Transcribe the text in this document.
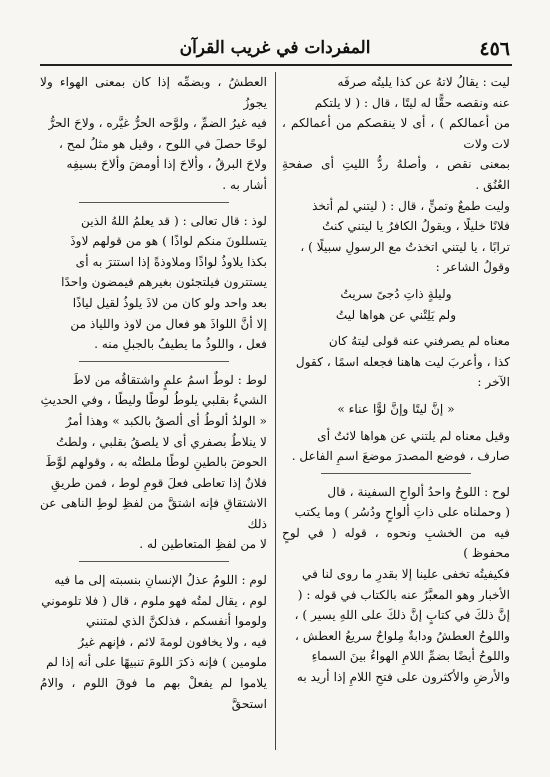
٤٥٦
المفردات في غريب القرآن

ليت : يقالُ لاتهُ عن كذا يليتُه صرفَه

عنه ونقصه حقًّا له ليتًا ، قال : ( لا يلتكم

من أعمالكم ) ، أى لا ينقصكم من أعمالكم ، لات ولات

بمعنى نقص ، وأصلهُ ردُّ الليتِ أى صفحةِ العُنُق .

وليت طمعٌ وتمنٍّ ، قال : ( ليتني لم أتخذ

فلانًا خليلًا ، ويقولُ الكافرُ يا ليتني كنتُ

ترابًا ، يا ليتني اتخذتُ مع الرسولِ سبيلًا ) ،

وقولُ الشاعر :

وليلةٍ ذاتِ دُجىً سريتُ

ولم يَلِتْني عن هواها ليتُ

معناه لم يصرفني عنه قولى ليتهُ كان

كذا ، وأعربَ ليت هاهنا فجعله اسمًا ، كقول

الآخر :

« إنَّ ليتًا وإنَّ لوًّا عناء »

وقيل معناه لم يلتني عن هواها لائتٌ أى

صارف ، فوضع المصدرَ موضعَ اسمِ الفاعل .

لوح : اللوحُ واحدُ ألواحِ السفينة ، قال

( وحملناه على ذاتِ ألواحٍ ودُسُر ) وما يكتب

فيه من الخشبِ ونحوه ، قوله ( في لوحٍ محفوظ )

فكيفيتُه تخفى علينا إلا بقدرِ ما روى لنا في

الأخبار وهو المعبَّرُ عنه بالكتاب في قوله : (

إنَّ ذلكَ في كتابٍ إنَّ ذلكَ على اللهِ يسير ) ،

واللوحُ العطشُ ودابةٌ مِلواحٌ سريعُ العطش ،

واللوحُ أيضًا بضمِّ اللامِ الهواءُ بينَ السماءِ

والأرضِ والأكثرون على فتحِ اللامِ إذا أريد به

العطشُ ، وبضمِّه إذا كان بمعنى الهواء ولا يجوزُ

فيه غيرُ الضمِّ ، ولوَّحه الحرُّ غيَّره ، ولاحَ الحرُّ

لوحًا حصلَ في اللوح ، وقيل هو مثلُ لمح ،

ولاحَ البرقُ ، وألاحَ إذا أومضَ وألاحَ بسيفِه

أشار به .

لوذ : قال تعالى : ( قد يعلمُ اللهُ الذين

يتسللونَ منكم لواذًا ) هو من قولهم لاوذَ

بكذا يلاوذُ لواذًا وملاوذةً إذا استترَ به أى

يستترون فيلتجئون بغيرهم فيمضون واحدًا

بعد واحد ولو كان من لاذَ يلوذُ لقيل لياذًا

إلا أنَّ اللواذَ هو فعال من لاوذ واللياذ من

فعل ، واللوذُ ما يطيفُ بالجبلِ منه .

لوط : لوطٌ اسمُ علمٍ واشتقاقُه من لاطَ

الشيءُ بقلبي يلوطُ لوطًا وليطًا ، وفي الحديثِ

« الولدُ ألوطُ أى ألصقُ بالكبد » وهذا أمرٌ

لا ينلاطُ بصفري أى لا يلصقُ بقلبي ، ولطتُ

الحوضَ بالطينِ لوطًا ملطتُه به ، وقولهم لوَّطَ

فلانٌ إذا تعاطى فعلَ قومِ لوط ، فمن طريقِ

الاشتقاقِ فإنه اشتقَّ من لفظِ لوطِ الناهى عن ذلك

لا من لفظِ المتعاطين له .

لوم : اللومُ عذلُ الإنسانِ بنسبته إلى ما فيه

لوم ، يقال لمتُه فهو ملوم ، قال ( فلا تلوموني

ولوموا أنفسكم ، فذلكنَّ الذي لمتنني

فيه ، ولا يخافون لومةَ لائم ، فإنهم غيرُ

ملومين ) فإنه ذكرَ اللومَ تنبيهًا على أنه إذا لم

يلاموا لم يفعلْ بهم ما فوقَ اللوم ، والامُ استحقَّ
